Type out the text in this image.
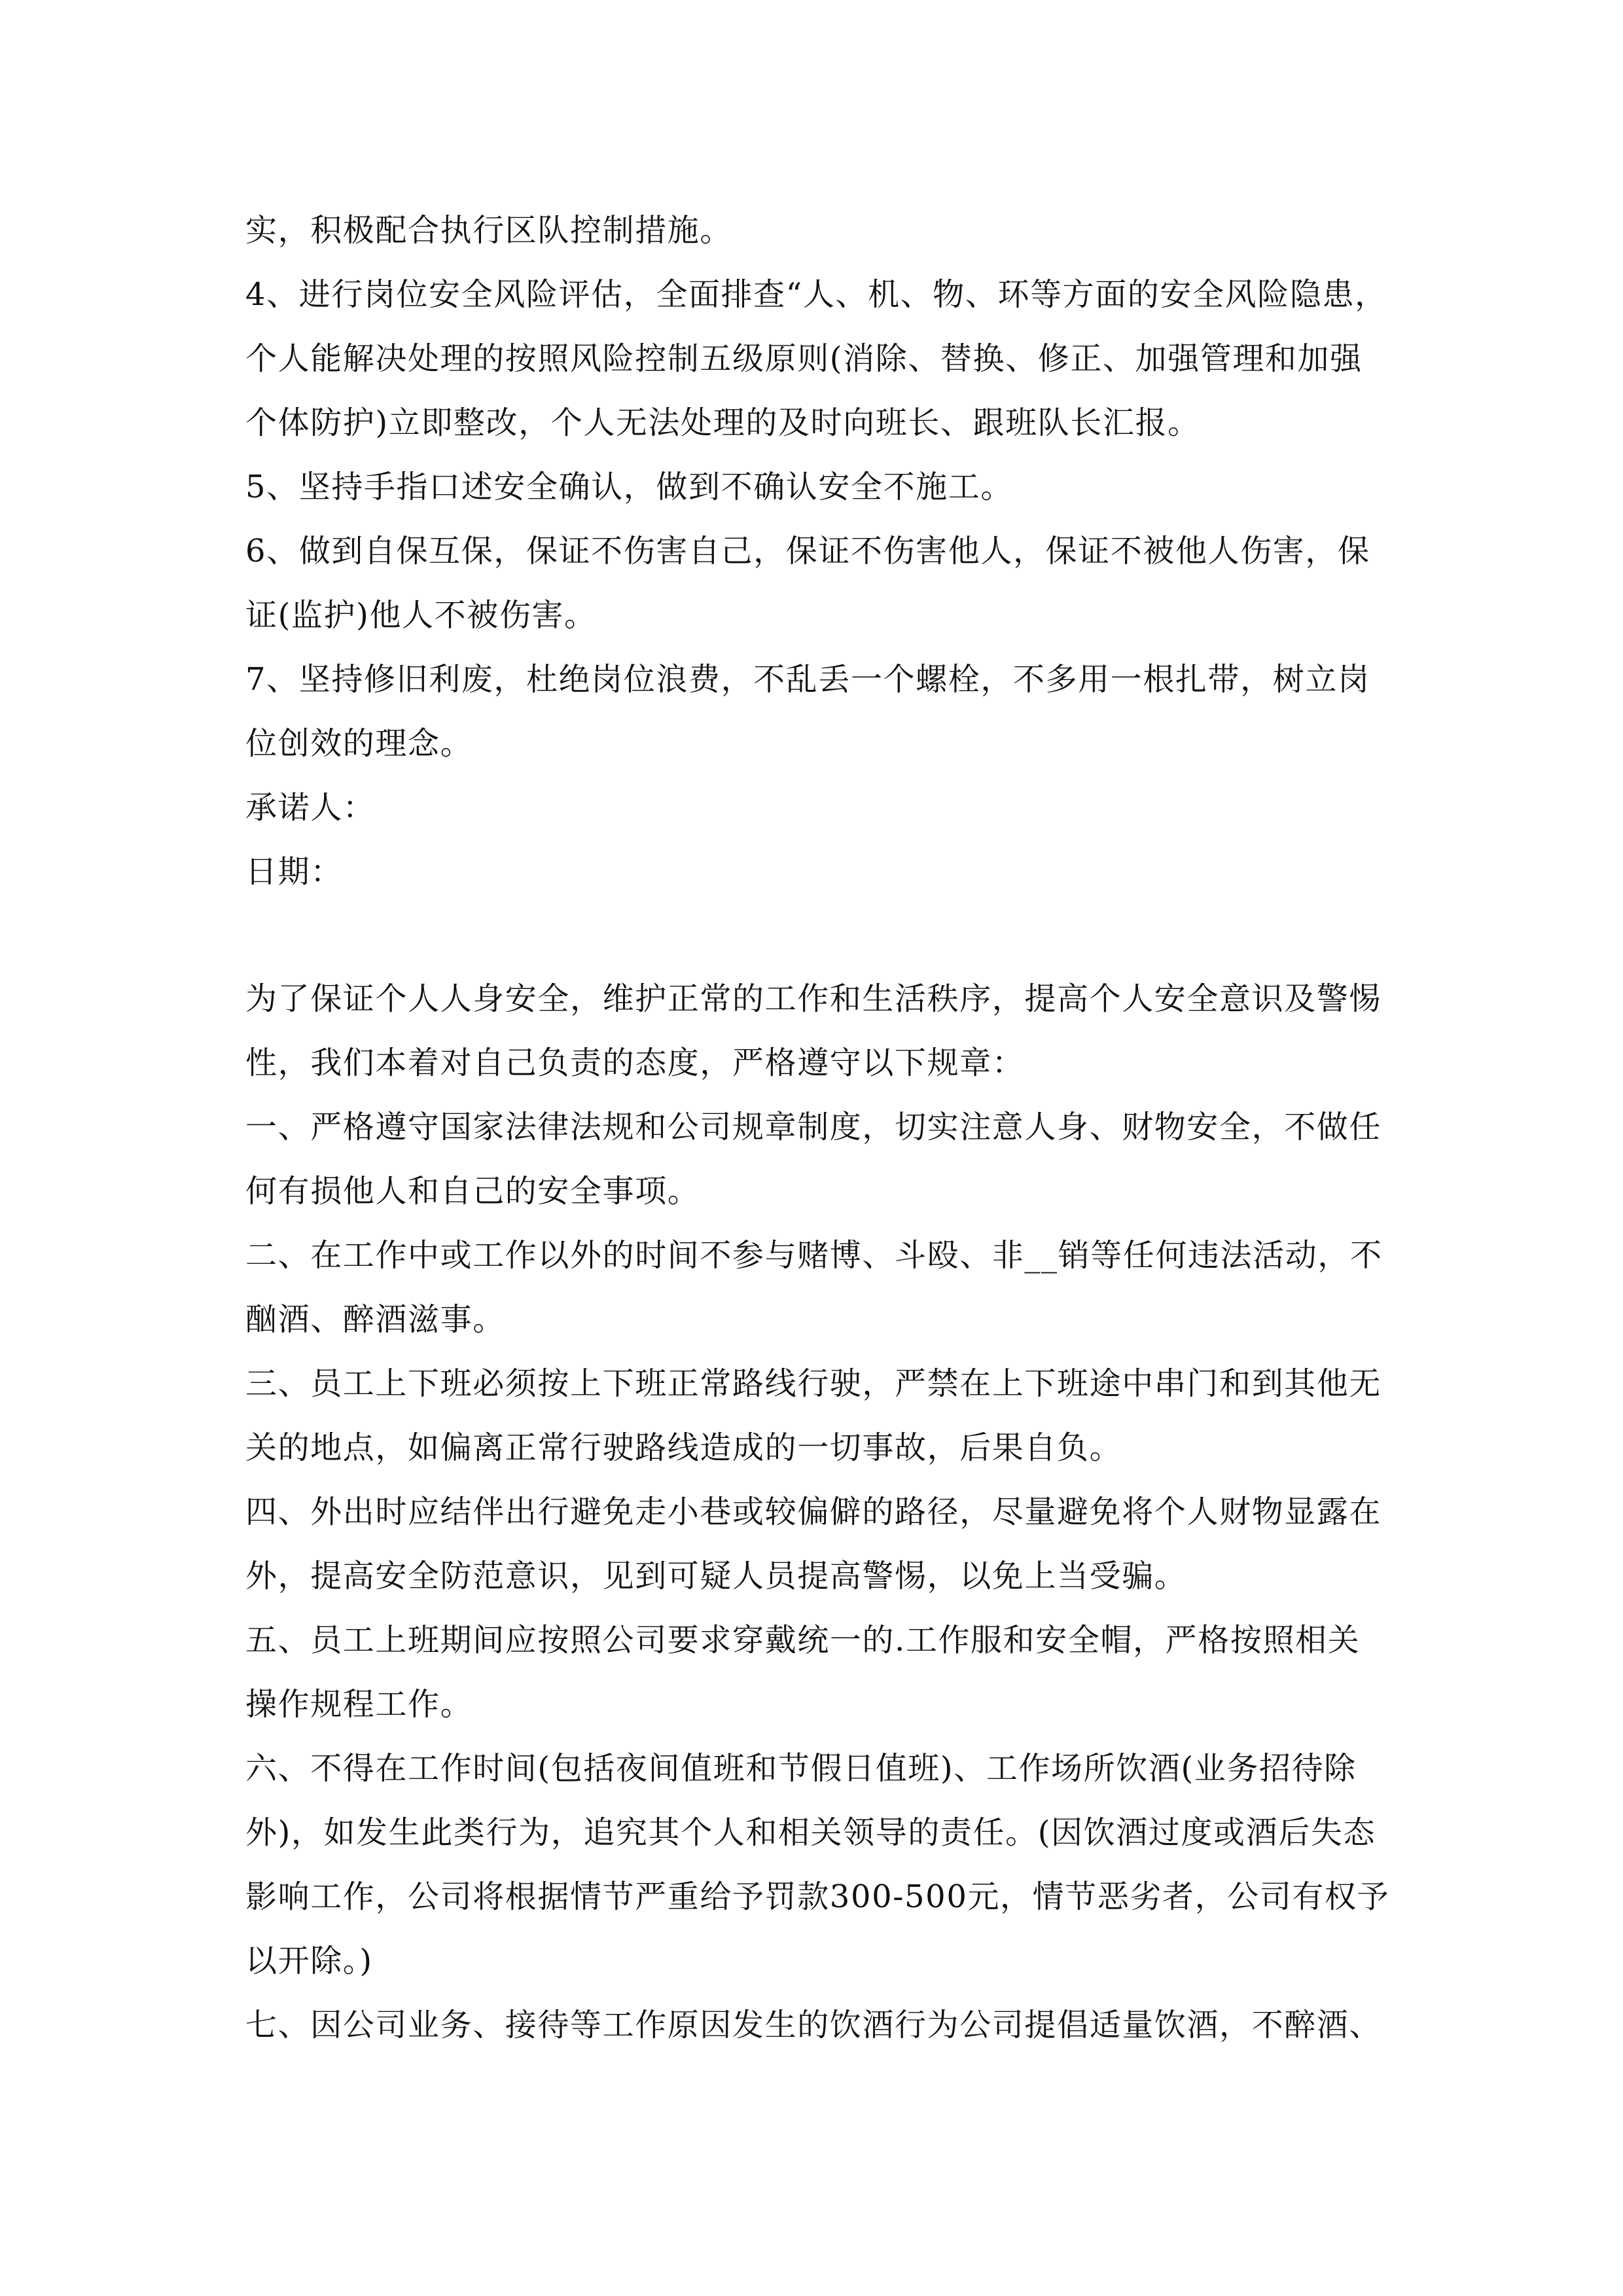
实，积极配合执行区队控制措施。
4、进行岗位安全风险评估，全面排查“人、机、物、环等方面的安全风险隐患，
个人能解决处理的按照风险控制五级原则(消除、替换、修正、加强管理和加强
个体防护)立即整改，个人无法处理的及时向班长、跟班队长汇报。
5、坚持手指口述安全确认，做到不确认安全不施工。
6、做到自保互保，保证不伤害自己，保证不伤害他人，保证不被他人伤害，保
证(监护)他人不被伤害。
7、坚持修旧利废，杜绝岗位浪费，不乱丢一个螺栓，不多用一根扎带，树立岗
位创效的理念。
承诺人：
日期：
为了保证个人人身安全，维护正常的工作和生活秩序，提高个人安全意识及警惕
性，我们本着对自己负责的态度，严格遵守以下规章：
一、严格遵守国家法律法规和公司规章制度，切实注意人身、财物安全，不做任
何有损他人和自己的安全事项。
二、在工作中或工作以外的时间不参与赌博、斗殴、非__销等任何违法活动，不
酗酒、醉酒滋事。
三、员工上下班必须按上下班正常路线行驶，严禁在上下班途中串门和到其他无
关的地点，如偏离正常行驶路线造成的一切事故，后果自负。
四、外出时应结伴出行避免走小巷或较偏僻的路径，尽量避免将个人财物显露在
外，提高安全防范意识，见到可疑人员提高警惕，以免上当受骗。
五、员工上班期间应按照公司要求穿戴统一的.工作服和安全帽，严格按照相关
操作规程工作。
六、不得在工作时间(包括夜间值班和节假日值班)、工作场所饮酒(业务招待除
外)，如发生此类行为，追究其个人和相关领导的责任。(因饮酒过度或酒后失态
影响工作，公司将根据情节严重给予罚款300-500元，情节恶劣者，公司有权予
以开除。)
七、因公司业务、接待等工作原因发生的饮酒行为公司提倡适量饮酒，不醉酒、
